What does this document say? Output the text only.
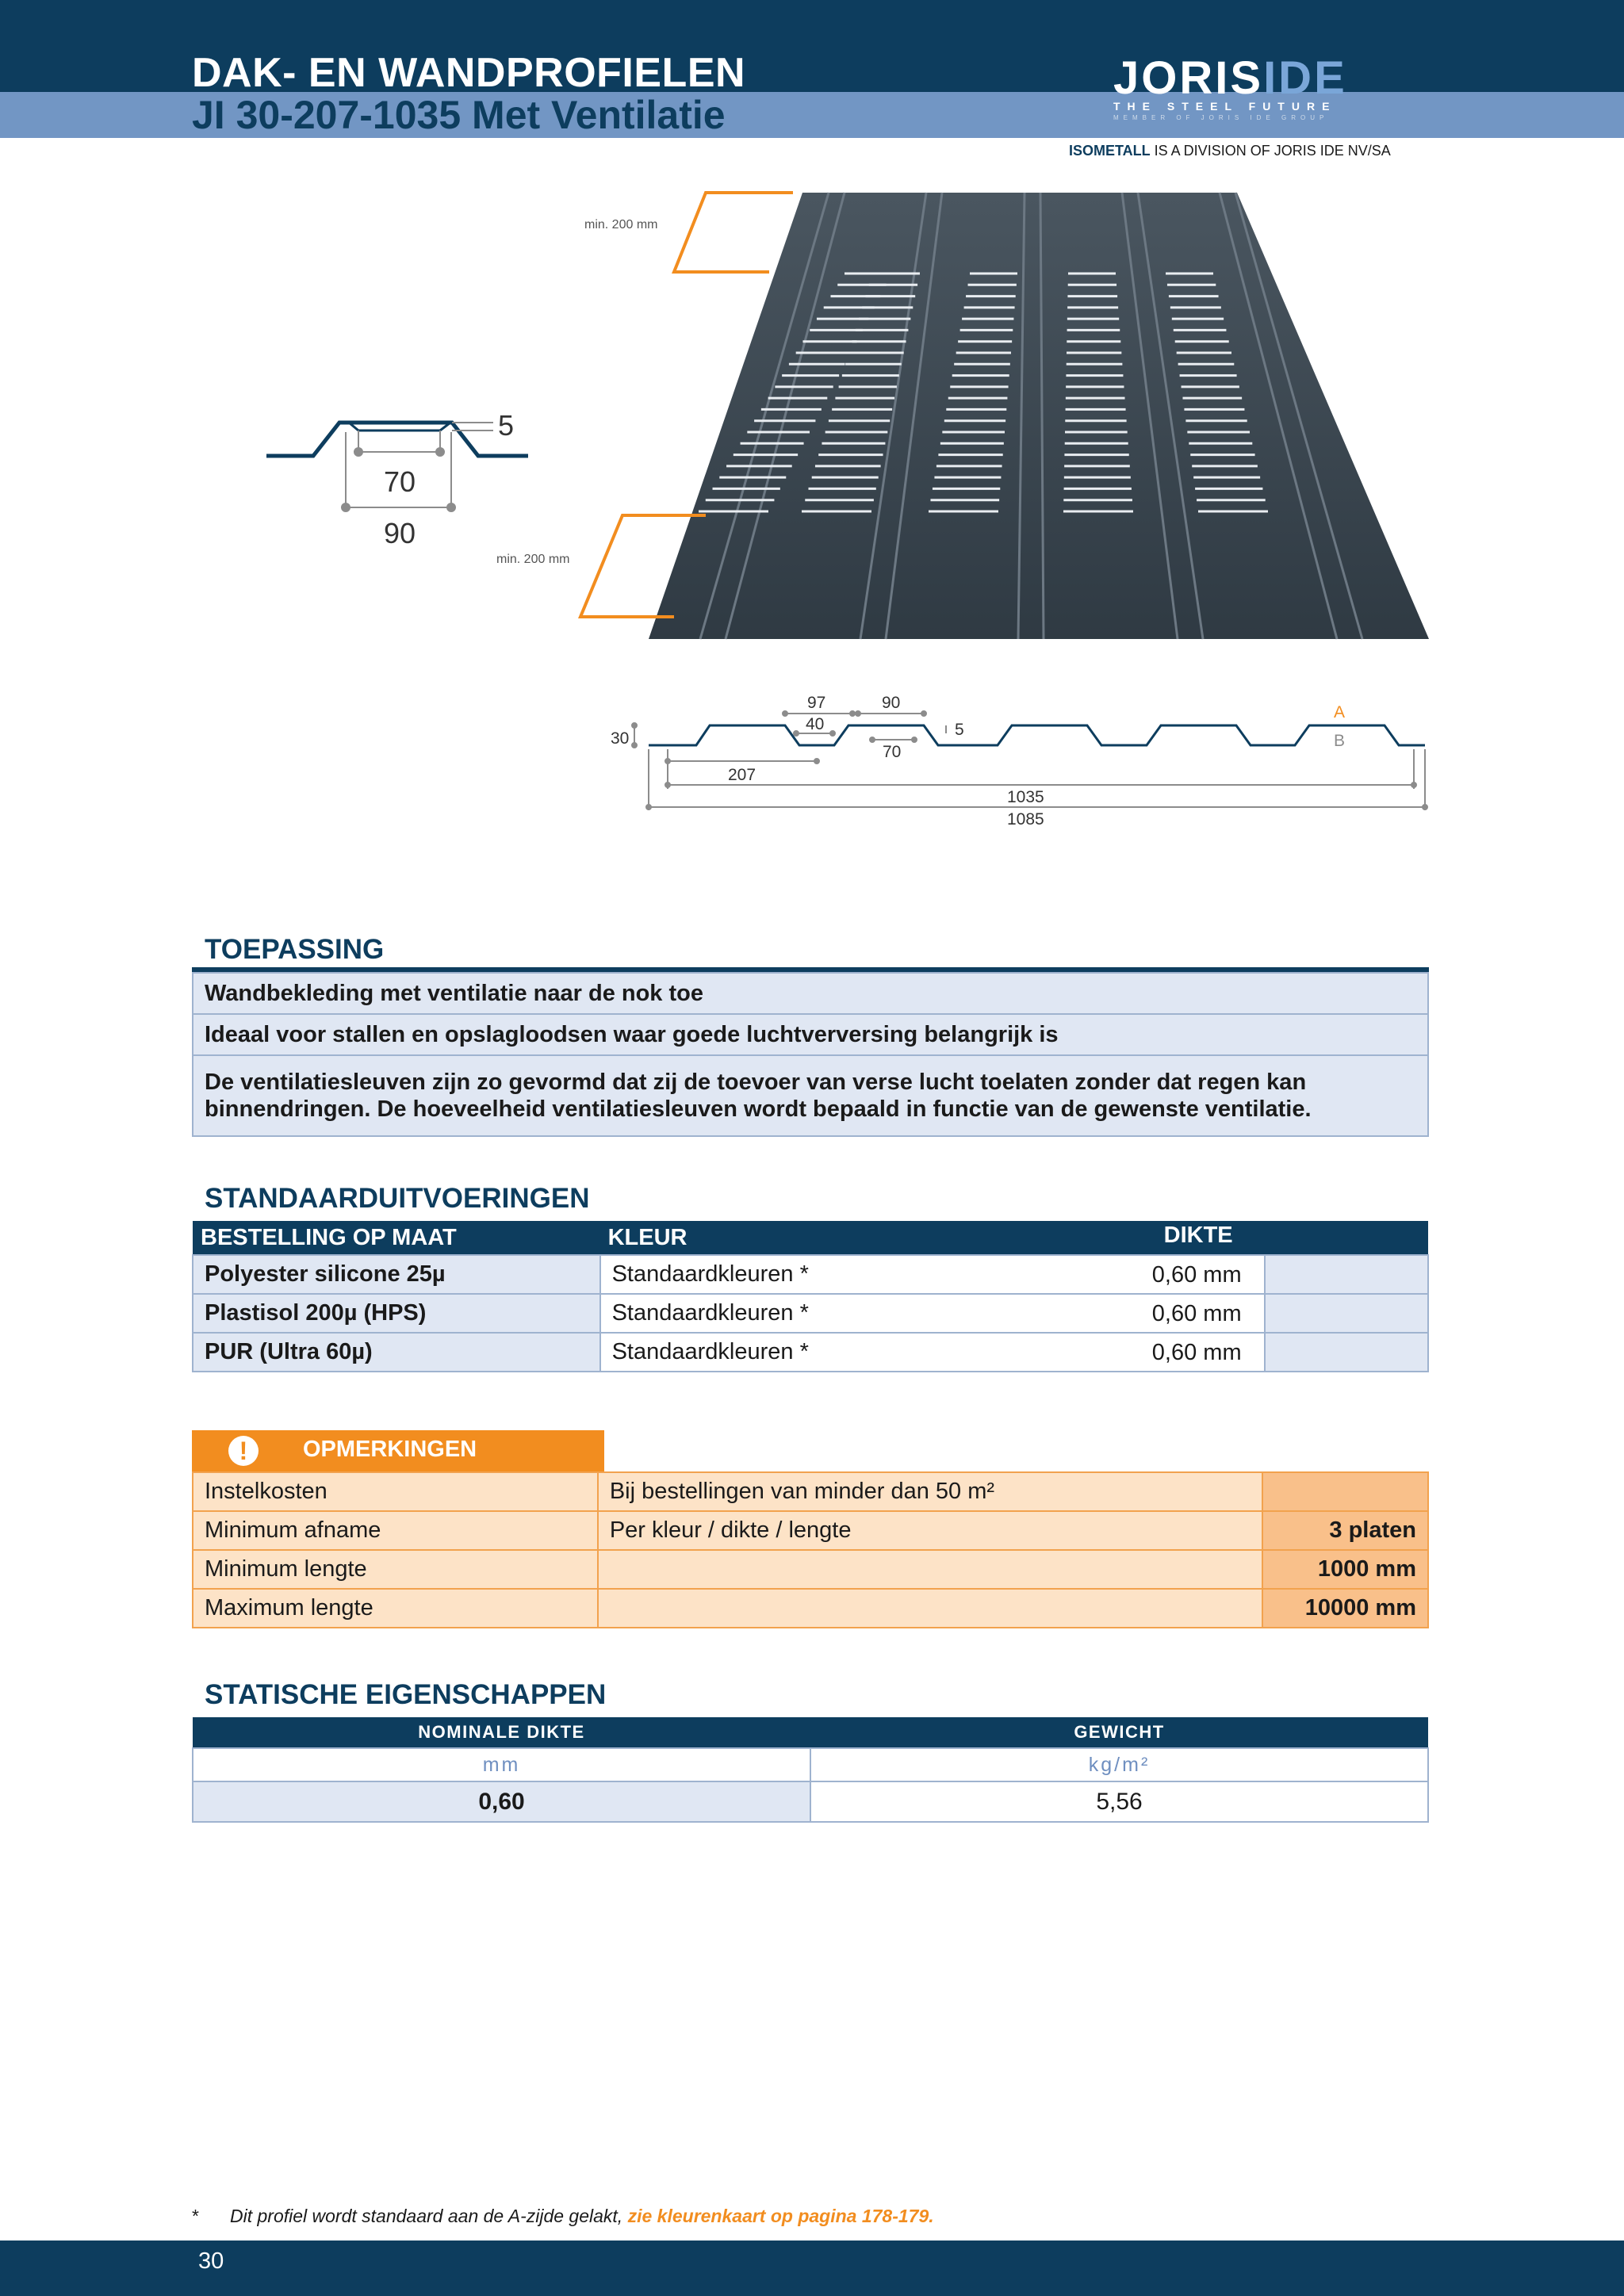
DAK- EN WANDPROFIELEN
JI 30-207-1035 Met Ventilatie
JORISIDE
THE STEEL FUTURE
MEMBER OF JORIS IDE GROUP
ISOMETALL IS A DIVISION OF JORIS IDE NV/SA
min. 200 mm
min. 200 mm
5
70
90
30
97
40
90
5
70
207
1035
1085
A
B
TOEPASSING
Wandbekleding met ventilatie naar de nok toe
Ideaal voor stallen en opslagloodsen waar goede luchtverversing belangrijk is
De ventilatiesleuven zijn zo gevormd dat zij de toevoer van verse lucht toelaten zonder dat regen kan binnendringen. De hoeveelheid ventilatiesleuven wordt bepaald in functie van de gewenste ventilatie.
STANDAARDUITVOERINGEN
BESTELLING OP MAAT	KLEUR DIKTE	

Polyester silicone 25µ	Standaardkleuren * 0,60 mm	

Plastisol 200µ (HPS)	Standaardkleuren * 0,60 mm	

PUR (Ultra 60µ)	Standaardkleuren * 0,60 mm	

!	OPMERKINGEN
Instelkosten	Bij bestellingen van minder dan 50 m²	
Minimum afname	Per kleur / dikte / lengte	3 platen
Minimum lengte		1000 mm
Maximum lengte		10000 mm
STATISCHE EIGENSCHAPPEN
NOMINALE DIKTE	GEWICHT
mm	kg/m²
0,60	5,56
* Dit profiel wordt standaard aan de A-zijde gelakt, zie kleurenkaart op pagina 178-179.
30
